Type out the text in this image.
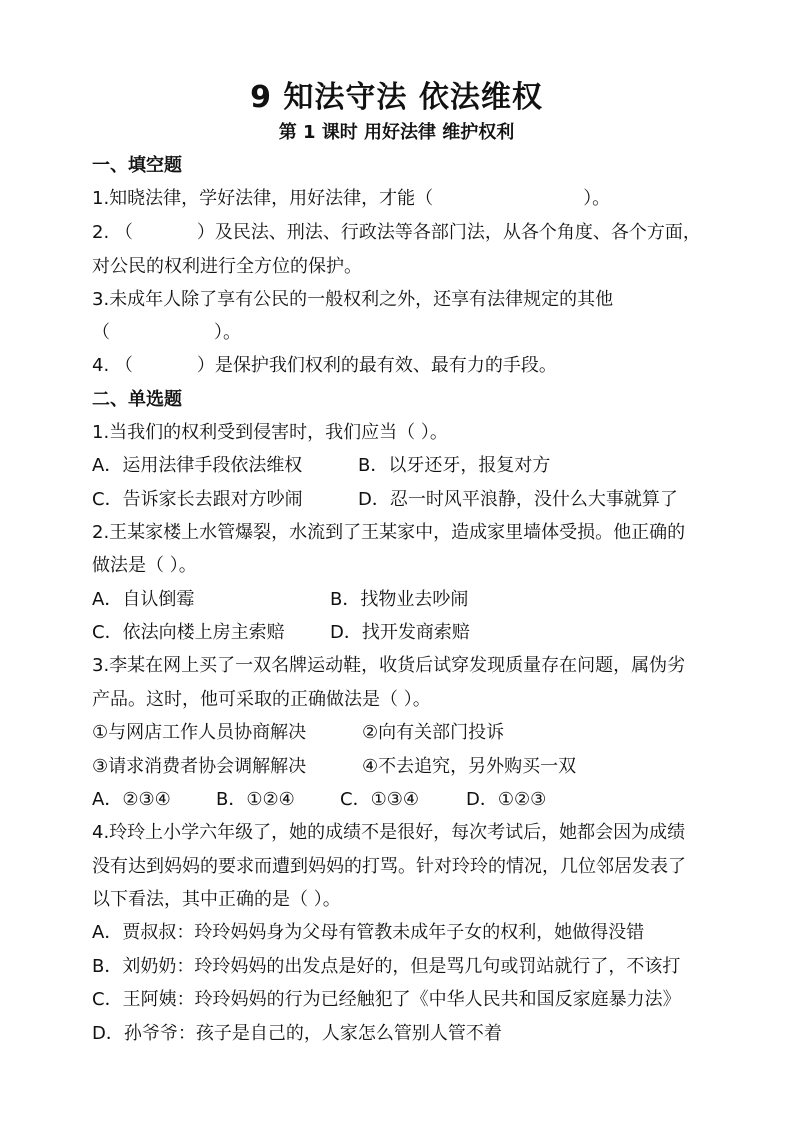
9 知法守法 依法维权
第 1 课时 用好法律 维护权利
一、填空题
1.知晓法律，学好法律，用好法律，才能（	）。
2. （	）及民法、刑法、行政法等各部门法，从各个角度、各个方面，
对公民的权利进行全方位的保护。
3.未成年人除了享有公民的一般权利之外，还享有法律规定的其他
（	）。
4. （	）是保护我们权利的最有效、最有力的手段。
二、单选题
1.当我们的权利受到侵害时，我们应当（ ）。
A．运用法律手段依法维权	B．以牙还牙，报复对方
C．告诉家长去跟对方吵闹	D．忍一时风平浪静，没什么大事就算了
2.王某家楼上水管爆裂，水流到了王某家中，造成家里墙体受损。他正确的
做法是（ ）。
A．自认倒霉	B．找物业去吵闹
C．依法向楼上房主索赔	D．找开发商索赔
3.李某在网上买了一双名牌运动鞋，收货后试穿发现质量存在问题，属伪劣
产品。这时，他可采取的正确做法是（ ）。
①与网店工作人员协商解决	②向有关部门投诉
③请求消费者协会调解解决	④不去追究，另外购买一双
A．②③④	B．①②④	C．①③④	D．①②③
4.玲玲上小学六年级了，她的成绩不是很好，每次考试后，她都会因为成绩
没有达到妈妈的要求而遭到妈妈的打骂。针对玲玲的情况，几位邻居发表了
以下看法，其中正确的是（ ）。
A．贾叔叔：玲玲妈妈身为父母有管教未成年子女的权利，她做得没错
B．刘奶奶：玲玲妈妈的出发点是好的，但是骂几句或罚站就行了，不该打
C．王阿姨：玲玲妈妈的行为已经触犯了《中华人民共和国反家庭暴力法》
D．孙爷爷：孩子是自己的，人家怎么管别人管不着
